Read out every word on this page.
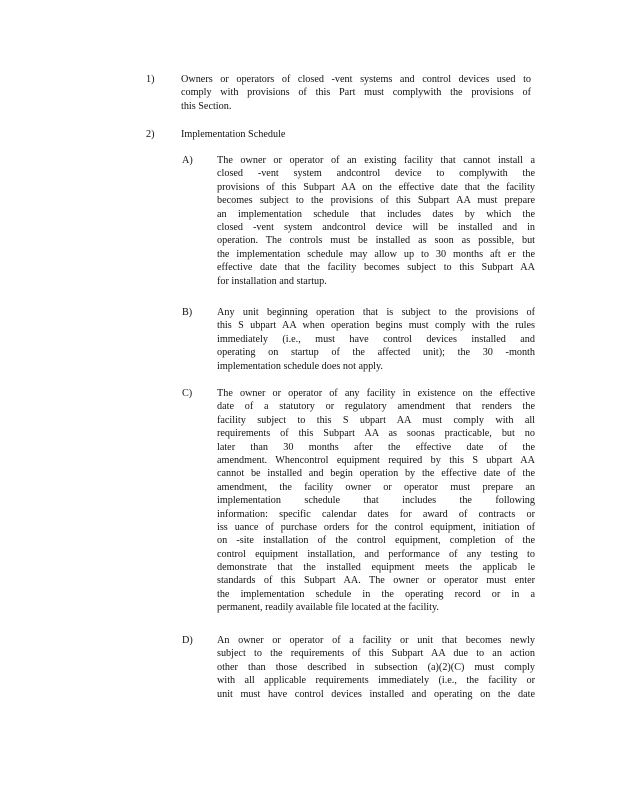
1)	Owners or operators of closed -vent systems and control devices used to
comply with provisions of this Part must complywith the provisions of
this Section.
2)	Implementation Schedule
A) The owner or operator of an existing facility that cannot install a
closed -vent system andcontrol device to complywith the
provisions of this Subpart AA on the effective date that the facility
becomes subject to the provisions of this Subpart AA must prepare
an implementation schedule that includes dates by which the
closed -vent system andcontrol device will be installed and in
operation. The controls must be installed as soon as possible, but
the implementation schedule may allow up to 30 months aft er the
effective date that the facility becomes subject to this Subpart AA
for installation and startup.
B) Any unit beginning operation that is subject to the provisions of
this S ubpart AA when operation begins must comply with the rules
immediately (i.e., must have control devices installed and
operating on startup of the affected unit); the 30 -month
implementation schedule does not apply.
C) The owner or operator of any facility in existence on the effective
date of a statutory or regulatory amendment that renders the
facility subject to this S ubpart AA must comply with all
requirements of this Subpart AA as soonas practicable, but no
later than 30 months after the effective date of the
amendment. Whencontrol equipment required by this S ubpart AA
cannot be installed and begin operation by the effective date of the
amendment, the facility owner or operator must prepare an
implementation schedule that includes the following
information: specific calendar dates for award of contracts or
iss uance of purchase orders for the control equipment, initiation of
on -site installation of the control equipment, completion of the
control equipment installation, and performance of any testing to
demonstrate that the installed equipment meets the applicab le
standards of this Subpart AA. The owner or operator must enter
the implementation schedule in the operating record or in a
permanent, readily available file located at the facility.
D) An owner or operator of a facility or unit that becomes newly
subject to the requirements of this Subpart AA due to an action
other than those described in subsection (a)(2)(C) must comply
with all applicable requirements immediately (i.e., the facility or
unit must have control devices installed and operating on the date
